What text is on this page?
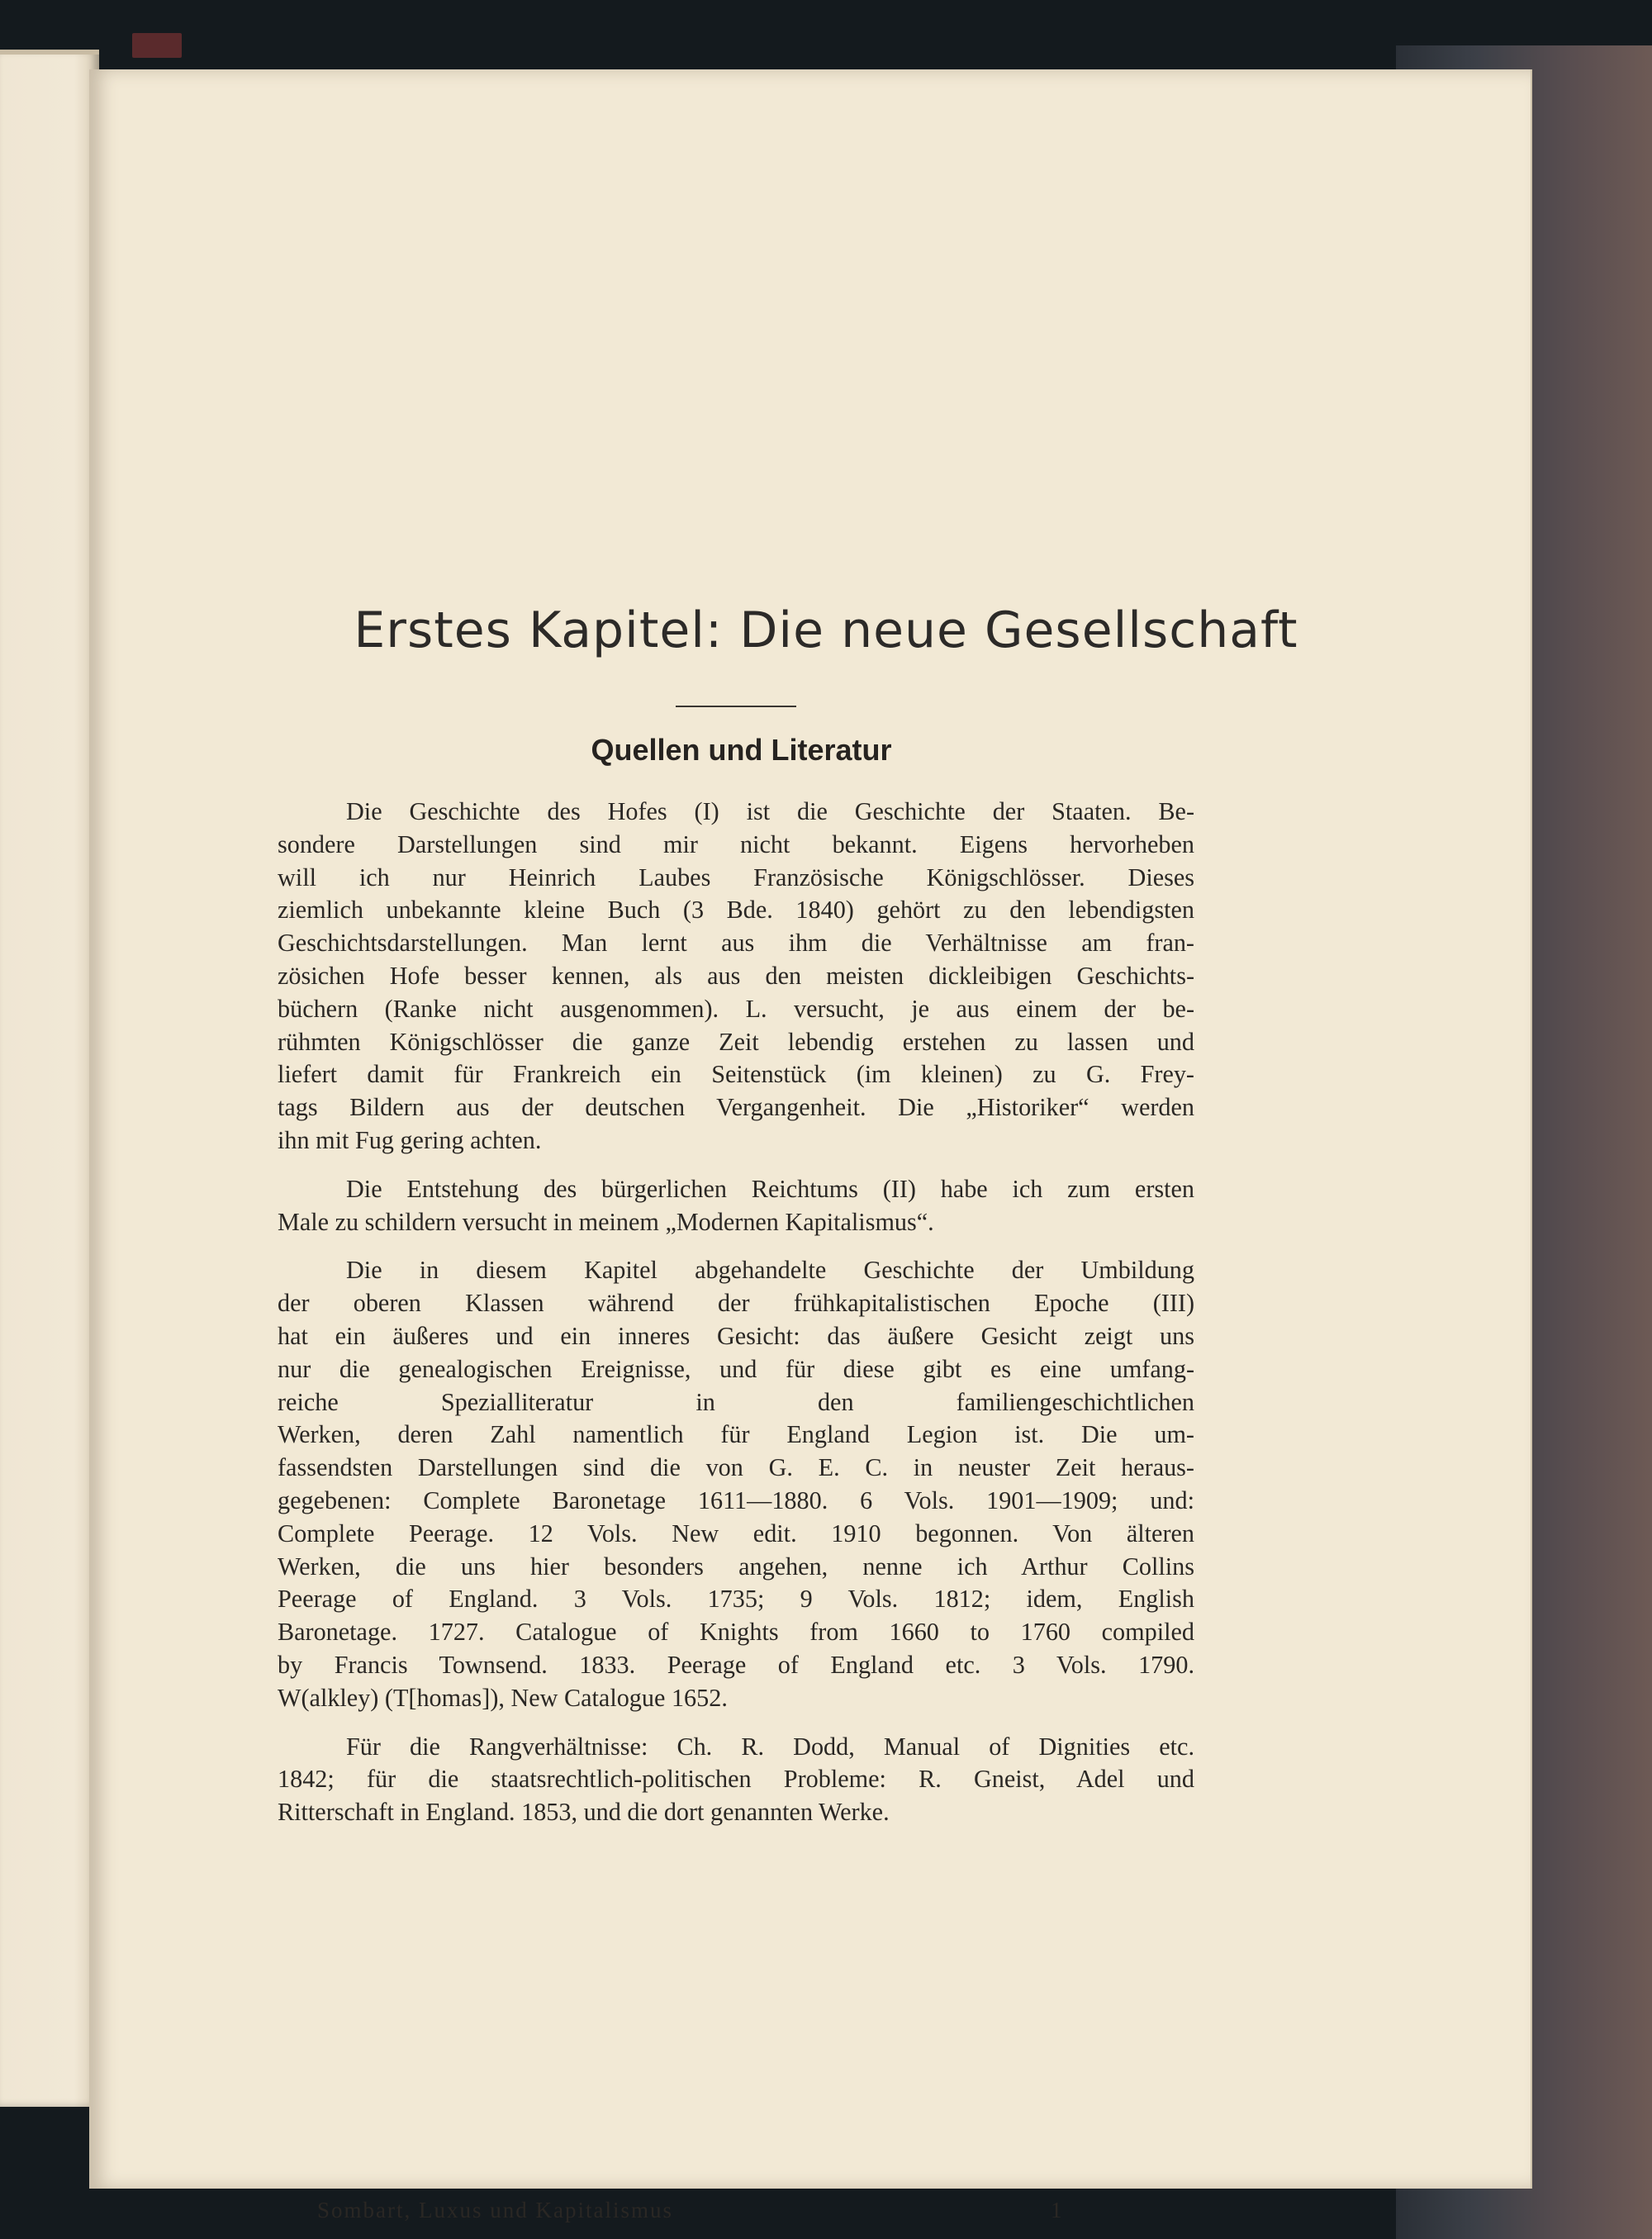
Erstes Kapitel: Die neue Gesellschaft
Quellen und Literatur
Die Geschichte des Hofes (I) ist die Geschichte der Staaten. Be-
sondere Darstellungen sind mir nicht bekannt. Eigens hervorheben
will ich nur Heinrich Laubes Französische Königschlösser. Dieses
ziemlich unbekannte kleine Buch (3 Bde. 1840) gehört zu den lebendigsten
Geschichtsdarstellungen. Man lernt aus ihm die Verhältnisse am fran-
zösichen Hofe besser kennen, als aus den meisten dickleibigen Geschichts-
büchern (Ranke nicht ausgenommen). L. versucht, je aus einem der be-
rühmten Königschlösser die ganze Zeit lebendig erstehen zu lassen und
liefert damit für Frankreich ein Seitenstück (im kleinen) zu G. Frey-
tags Bildern aus der deutschen Vergangenheit. Die „Historiker“ werden
ihn mit Fug gering achten.
Die Entstehung des bürgerlichen Reichtums (II) habe ich zum ersten
Male zu schildern versucht in meinem „Modernen Kapitalismus“.
Die in diesem Kapitel abgehandelte Geschichte der Umbildung
der oberen Klassen während der frühkapitalistischen Epoche (III)
hat ein äußeres und ein inneres Gesicht: das äußere Gesicht zeigt uns
nur die genealogischen Ereignisse, und für diese gibt es eine umfang-
reiche Spezialliteratur in den familiengeschichtlichen
Werken, deren Zahl namentlich für England Legion ist. Die um-
fassendsten Darstellungen sind die von G. E. C. in neuster Zeit heraus-
gegebenen: Complete Baronetage 1611—1880. 6 Vols. 1901—1909; und:
Complete Peerage. 12 Vols. New edit. 1910 begonnen. Von älteren
Werken, die uns hier besonders angehen, nenne ich Arthur Collins
Peerage of England. 3 Vols. 1735; 9 Vols. 1812; idem, English
Baronetage. 1727. Catalogue of Knights from 1660 to 1760 compiled
by Francis Townsend. 1833. Peerage of England etc. 3 Vols. 1790.
W(alkley) (T[homas]), New Catalogue 1652.
Für die Rangverhältnisse: Ch. R. Dodd, Manual of Dignities etc.
1842; für die staatsrechtlich-politischen Probleme: R. Gneist, Adel und
Ritterschaft in England. 1853, und die dort genannten Werke.
Sombart, Luxus und Kapitalismus	1
